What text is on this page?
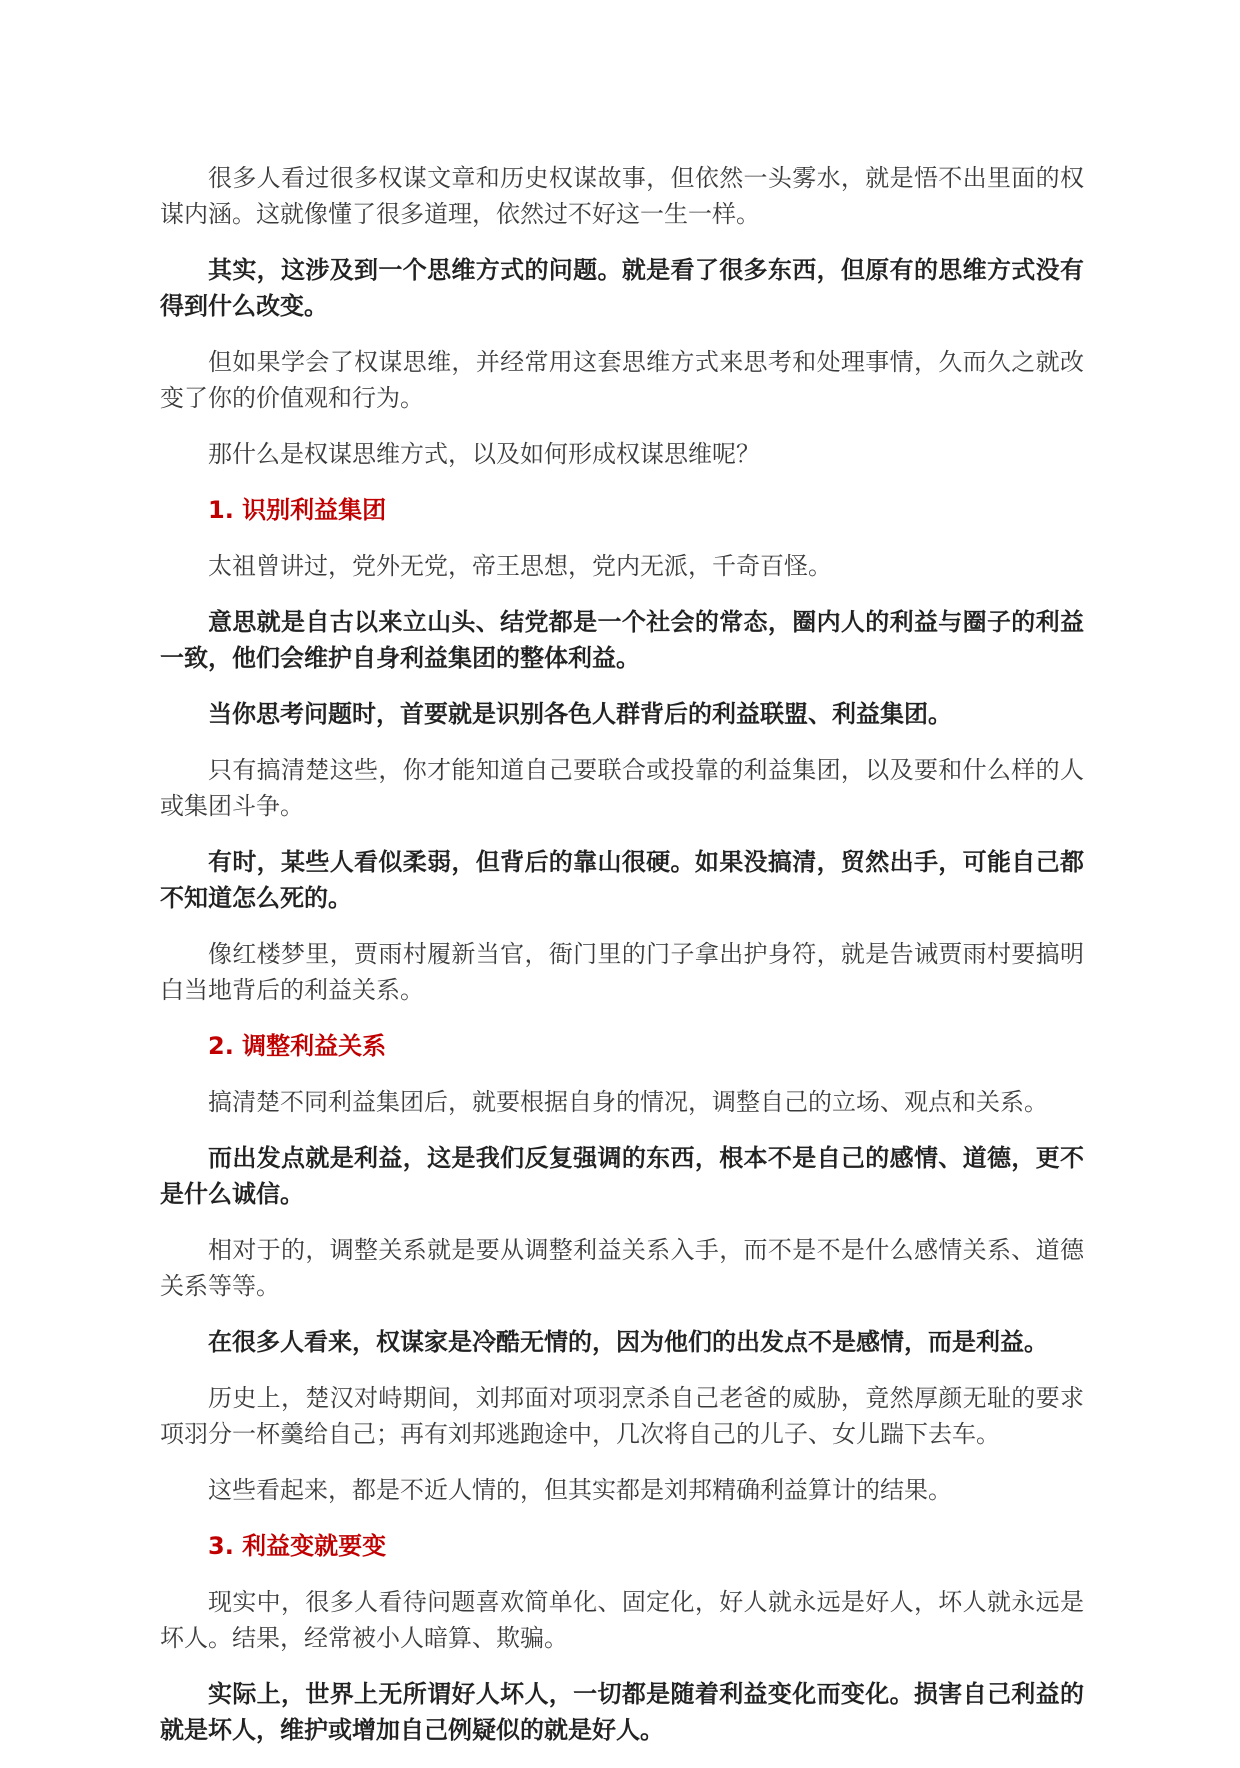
很多人看过很多权谋文章和历史权谋故事，但依然一头雾水，就是悟不出里面的权谋内涵。这就像懂了很多道理，依然过不好这一生一样。

其实，这涉及到一个思维方式的问题。就是看了很多东西，但原有的思维方式没有得到什么改变。

但如果学会了权谋思维，并经常用这套思维方式来思考和处理事情，久而久之就改变了你的价值观和行为。

那什么是权谋思维方式，以及如何形成权谋思维呢？

1. 识别利益集团

太祖曾讲过，党外无党，帝王思想，党内无派，千奇百怪。

意思就是自古以来立山头、结党都是一个社会的常态，圈内人的利益与圈子的利益一致，他们会维护自身利益集团的整体利益。

当你思考问题时，首要就是识别各色人群背后的利益联盟、利益集团。

只有搞清楚这些，你才能知道自己要联合或投靠的利益集团，以及要和什么样的人或集团斗争。

有时，某些人看似柔弱，但背后的靠山很硬。如果没搞清，贸然出手，可能自己都不知道怎么死的。

像红楼梦里，贾雨村履新当官，衙门里的门子拿出护身符，就是告诫贾雨村要搞明白当地背后的利益关系。

2. 调整利益关系

搞清楚不同利益集团后，就要根据自身的情况，调整自己的立场、观点和关系。

而出发点就是利益，这是我们反复强调的东西，根本不是自己的感情、道德，更不是什么诚信。

相对于的，调整关系就是要从调整利益关系入手，而不是不是什么感情关系、道德关系等等。

在很多人看来，权谋家是冷酷无情的，因为他们的出发点不是感情，而是利益。

历史上，楚汉对峙期间，刘邦面对项羽烹杀自己老爸的威胁，竟然厚颜无耻的要求项羽分一杯羹给自己；再有刘邦逃跑途中，几次将自己的儿子、女儿踹下去车。

这些看起来，都是不近人情的，但其实都是刘邦精确利益算计的结果。

3. 利益变就要变

现实中，很多人看待问题喜欢简单化、固定化，好人就永远是好人，坏人就永远是坏人。结果，经常被小人暗算、欺骗。

实际上，世界上无所谓好人坏人，一切都是随着利益变化而变化。损害自己利益的就是坏人，维护或增加自己例疑似的就是好人。
